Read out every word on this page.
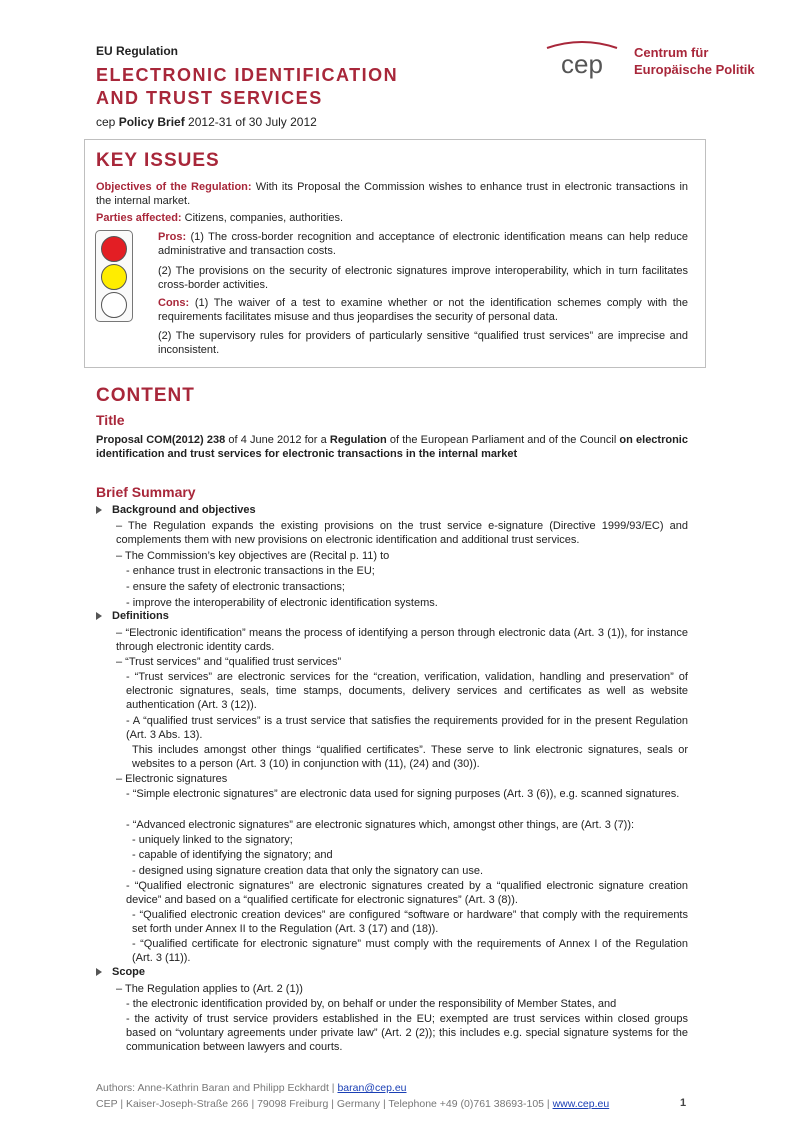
EU Regulation
ELECTRONIC IDENTIFICATION
AND TRUST SERVICES
cep Policy Brief 2012-31 of 30 July 2012
cep Centrum für
Europäische Politik
KEY ISSUES
Objectives of the Regulation: With its Proposal the Commission wishes to enhance trust in electronic transactions in the internal market.
Parties affected: Citizens, companies, authorities.
Pros: (1) The cross-border recognition and acceptance of electronic identification means can help reduce administrative and transaction costs.
(2) The provisions on the security of electronic signatures improve interoperability, which in turn facilitates cross-border activities.
Cons: (1) The waiver of a test to examine whether or not the identification schemes comply with the requirements facilitates misuse and thus jeopardises the security of personal data.
(2) The supervisory rules for providers of particularly sensitive “qualified trust services” are imprecise and inconsistent.
CONTENT
Title
Proposal COM(2012) 238 of 4 June 2012 for a Regulation of the European Parliament and of the Council on electronic identification and trust services for electronic transactions in the internal market
Brief Summary
Background and objectives
– The Regulation expands the existing provisions on the trust service e-signature (Directive 1999/93/EC) and complements them with new provisions on electronic identification and additional trust services.
– The Commission’s key objectives are (Recital p. 11) to
- enhance trust in electronic transactions in the EU;
- ensure the safety of electronic transactions;
- improve the interoperability of electronic identification systems.
Definitions
– “Electronic identification” means the process of identifying a person through electronic data (Art. 3 (1)), for instance through electronic identity cards.
– “Trust services” and “qualified trust services”
- “Trust services” are electronic services for the “creation, verification, validation, handling and preservation” of electronic signatures, seals, time stamps, documents, delivery services and certificates as well as website authentication (Art. 3 (12)).
- A “qualified trust services” is a trust service that satisfies the requirements provided for in the present Regulation (Art. 3 Abs. 13).
This includes amongst other things “qualified certificates”. These serve to link electronic signatures, seals or websites to a person (Art. 3 (10) in conjunction with (11), (24) and (30)).
– Electronic signatures
- “Simple electronic signatures” are electronic data used for signing purposes (Art. 3 (6)), e.g. scanned signatures.
- “Advanced electronic signatures” are electronic signatures which, amongst other things, are (Art. 3 (7)):
- uniquely linked to the signatory;
- capable of identifying the signatory; and
- designed using signature creation data that only the signatory can use.
- “Qualified electronic signatures” are electronic signatures created by a “qualified electronic signature creation device” and based on a “qualified certificate for electronic signatures” (Art. 3 (8)).
- “Qualified electronic creation devices” are configured “software or hardware” that comply with the requirements set forth under Annex II to the Regulation (Art. 3 (17) and (18)).
- “Qualified certificate for electronic signature” must comply with the requirements of Annex I of the Regulation (Art. 3 (11)).
Scope
– The Regulation applies to (Art. 2 (1))
- the electronic identification provided by, on behalf or under the responsibility of Member States, and
- the activity of trust service providers established in the EU; exempted are trust services within closed groups based on “voluntary agreements under private law” (Art. 2 (2)); this includes e.g. special signature systems for the communication between lawyers and courts.
Authors: Anne-Kathrin Baran and Philipp Eckhardt | baran@cep.eu
CEP | Kaiser-Joseph-Straße 266 | 79098 Freiburg | Germany | Telephone +49 (0)761 38693-105 | www.cep.eu	1
